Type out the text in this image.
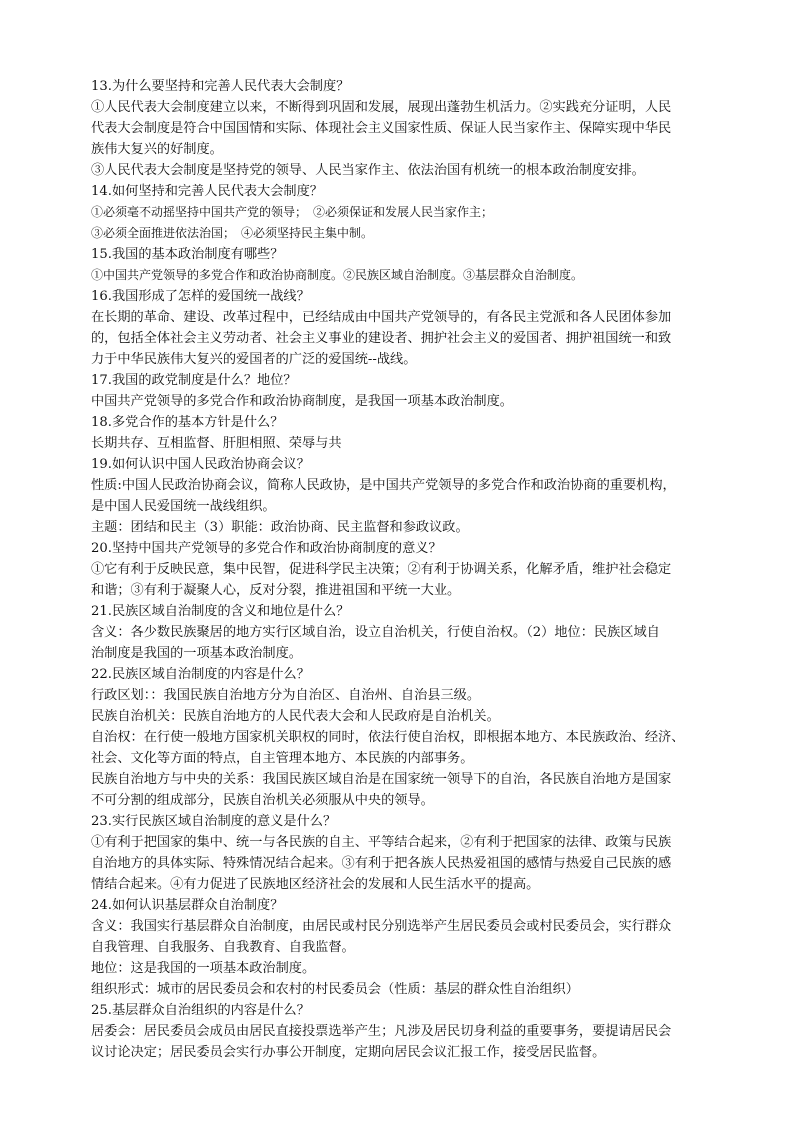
13.为什么要坚持和完善人民代表大会制度？
①人民代表大会制度建立以来，不断得到巩固和发展，展现出蓬勃生机活力。②实践充分证明，人民
代表大会制度是符合中国国情和实际、体现社会主义国家性质、保证人民当家作主、保障实现中华民
族伟大复兴的好制度。
③人民代表大会制度是坚持党的领导、人民当家作主、依法治国有机统一的根本政治制度安排。
14.如何坚持和完善人民代表大会制度？
①必须毫不动摇坚持中国共产党的领导；　②必须保证和发展人民当家作主；
③必须全面推进依法治国；　④必须坚持民主集中制。
15.我国的基本政治制度有哪些？
①中国共产党领导的多党合作和政治协商制度。②民族区域自治制度。③基层群众自治制度。
16.我国形成了怎样的爱国统一战线？
在长期的革命、建设、改革过程中，已经结成由中国共产党领导的，有各民主党派和各人民团体参加
的，包括全体社会主义劳动者、社会主义事业的建设者、拥护社会主义的爱国者、拥护祖国统一和致
力于中华民族伟大复兴的爱国者的广泛的爱国统--战线。
17.我国的政党制度是什么？地位？
中国共产党领导的多党合作和政治协商制度，是我国一项基本政治制度。
18.多党合作的基本方针是什么？
长期共存、互相监督、肝胆相照、荣辱与共
19.如何认识中国人民政治协商会议？
性质:中国人民政治协商会议，简称人民政协，是中国共产党领导的多党合作和政治协商的重要机构，
是中国人民爱国统一战线组织。
主题：团结和民主（3）职能：政治协商、民主监督和参政议政。
20.坚持中国共产党领导的多党合作和政治协商制度的意义？
①它有利于反映民意，集中民智，促进科学民主决策；②有利于协调关系，化解矛盾，维护社会稳定
和谐；③有利于凝聚人心，反对分裂，推进祖国和平统一大业。
21.民族区域自治制度的含义和地位是什么？
含义：各少数民族聚居的地方实行区域自治，设立自治机关，行使自治权。（2）地位：民族区域自
治制度是我国的一项基本政治制度。
22.民族区域自治制度的内容是什么？
行政区划：：我国民族自治地方分为自治区、自治州、自治县三级。
民族自治机关：民族自治地方的人民代表大会和人民政府是自治机关。
自治权：在行使一般地方国家机关职权的同时，依法行使自治权，即根据本地方、本民族政治、经济、
社会、文化等方面的特点，自主管理本地方、本民族的内部事务。
民族自治地方与中央的关系：我国民族区域自治是在国家统一领导下的自治，各民族自治地方是国家
不可分割的组成部分，民族自治机关必须服从中央的领导。
23.实行民族区域自治制度的意义是什么？
①有利于把国家的集中、统一与各民族的自主、平等结合起来，②有利于把国家的法律、政策与民族
自治地方的具体实际、特殊情况结合起来。③有利于把各族人民热爱祖国的感情与热爱自己民族的感
情结合起来。④有力促进了民族地区经济社会的发展和人民生活水平的提高。
24.如何认识基层群众自治制度？
含义：我国实行基层群众自治制度，由居民或村民分别选举产生居民委员会或村民委员会，实行群众
自我管理、自我服务、自我教育、自我监督。
地位：这是我国的一项基本政治制度。
组织形式：城市的居民委员会和农村的村民委员会（性质：基层的群众性自治组织）
25.基层群众自治组织的内容是什么？
居委会：居民委员会成员由居民直接投票选举产生；凡涉及居民切身利益的重要事务，要提请居民会
议讨论决定；居民委员会实行办事公开制度，定期向居民会议汇报工作，接受居民监督。
